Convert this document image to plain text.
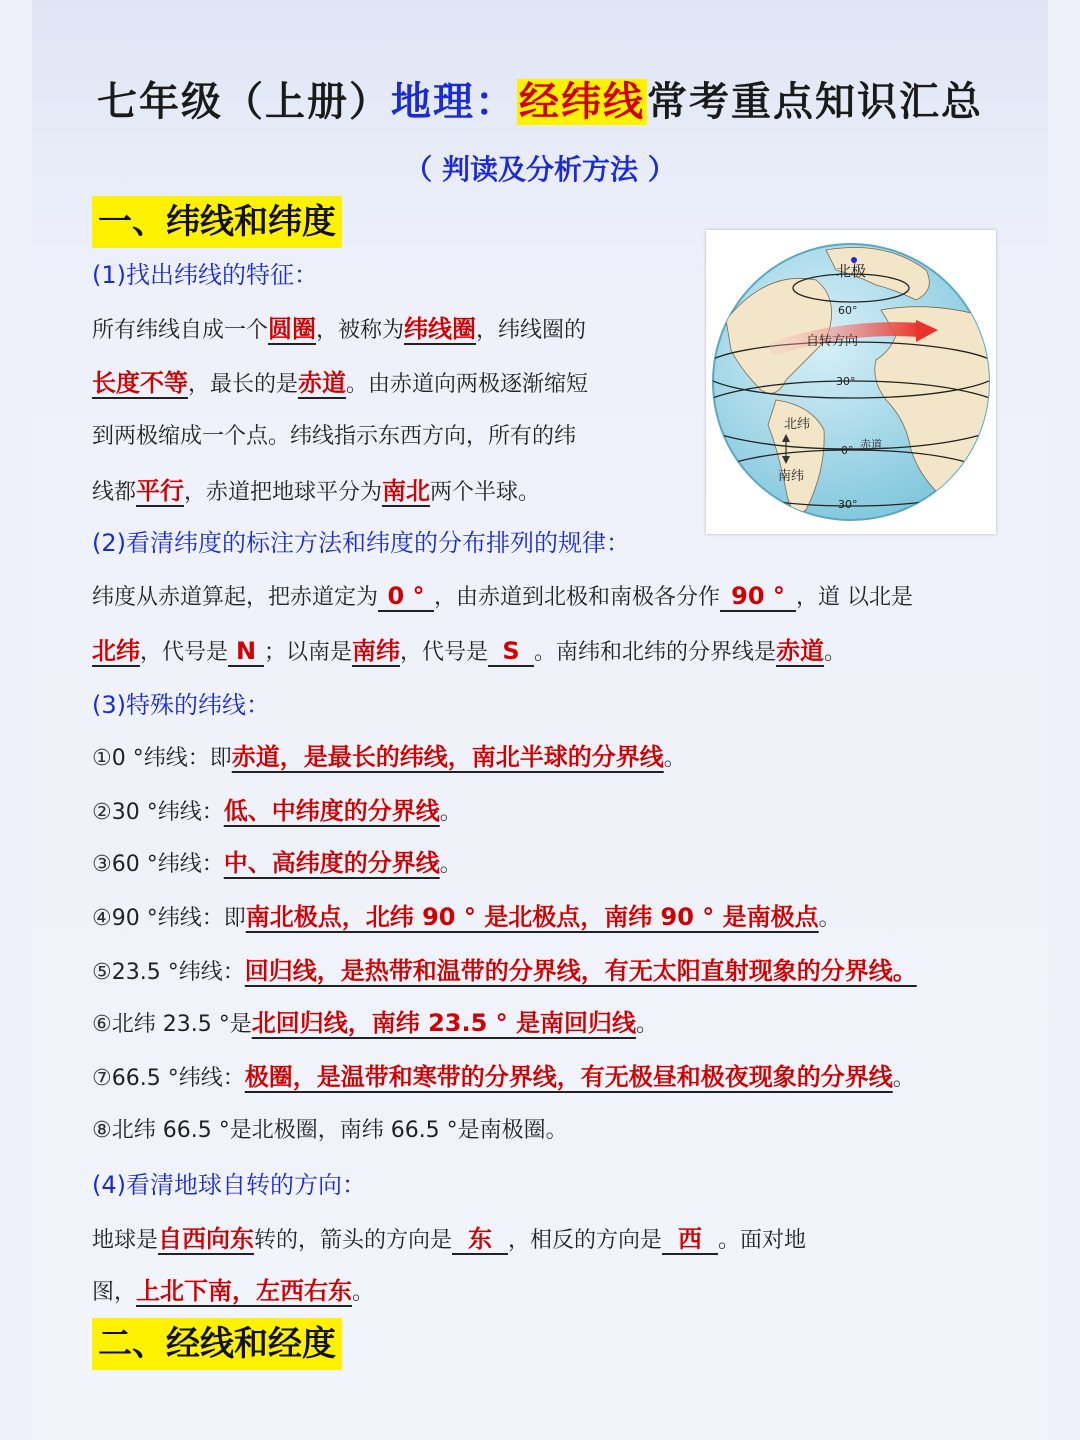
七年级（上册）地理：经纬线常考重点知识汇总
（ 判读及分析方法 ）
一、纬线和纬度
北极
自转方向
北纬
南纬
赤道
60°
30°
0°
30°
(1)找出纬线的特征：
所有纬线自成一个圆圈，被称为纬线圈，纬线圈的
长度不等，最长的是赤道。由赤道向两极逐渐缩短
到两极缩成一个点。纬线指示东西方向，所有的纬
线都平行，赤道把地球平分为南北两个半球。
(2)看清纬度的标注方法和纬度的分布排列的规律：
纬度从赤道算起，把赤道定为 0 ° ，由赤道到北极和南极各分作 90 ° ，道 以北是
北纬，代号是 N ；以南是南纬，代号是 S 。南纬和北纬的分界线是赤道。
(3)特殊的纬线：
①0 °纬线：即赤道，是最长的纬线，南北半球的分界线。
②30 °纬线：低、中纬度的分界线。
③60 °纬线：中、高纬度的分界线。
④90 °纬线：即南北极点，北纬 90 ° 是北极点，南纬 90 ° 是南极点。
⑤23.5 °纬线：回归线，是热带和温带的分界线，有无太阳直射现象的分界线。
⑥北纬 23.5 °是北回归线，南纬 23.5 ° 是南回归线。
⑦66.5 °纬线：极圈，是温带和寒带的分界线，有无极昼和极夜现象的分界线。
⑧北纬 66.5 °是北极圈，南纬 66.5 °是南极圈。
(4)看清地球自转的方向：
地球是自西向东转的，箭头的方向是 东 ，相反的方向是 西 。面对地
图，上北下南，左西右东。
二、经线和经度
